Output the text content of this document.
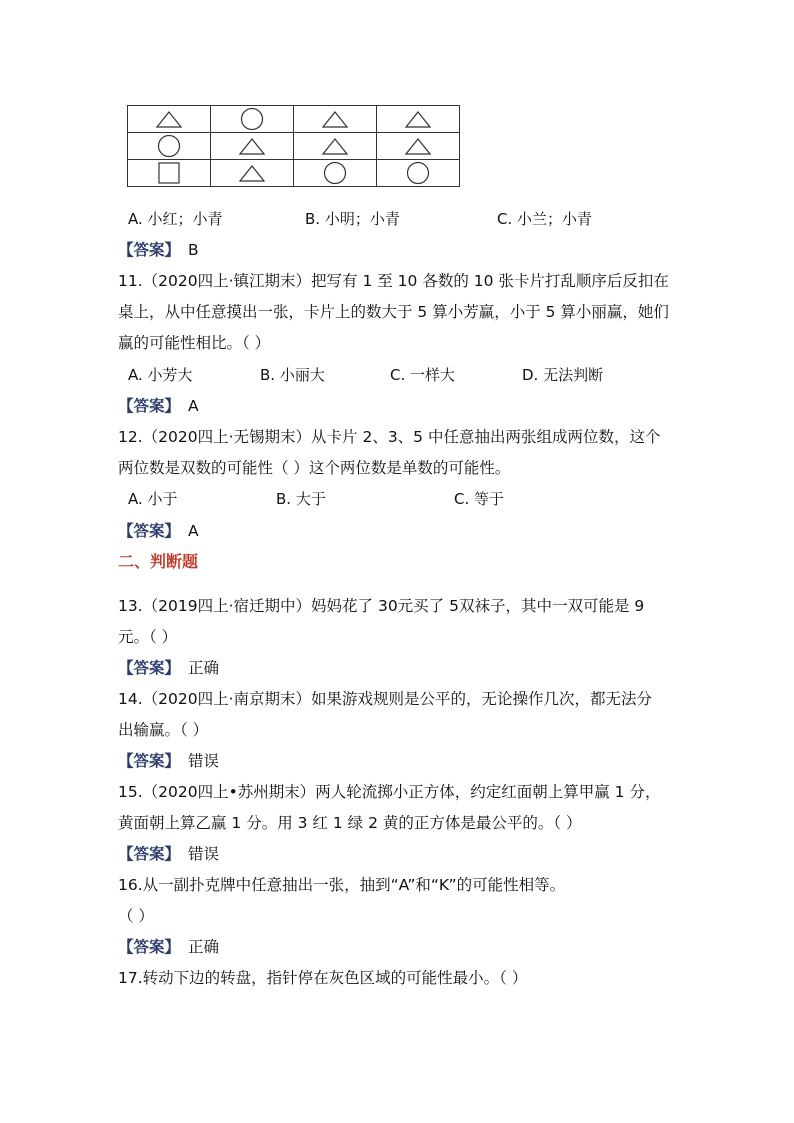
A. 小红；小青	B. 小明；小青	C. 小兰；小青
【答案】 B
11.（2020四上·镇江期末）把写有 1 至 10 各数的 10 张卡片打乱顺序后反扣在
桌上，从中任意摸出一张，卡片上的数大于 5 算小芳赢，小于 5 算小丽赢，她们
赢的可能性相比。（ ）
A. 小芳大	B. 小丽大	C. 一样大	D. 无法判断
【答案】 A
12.（2020四上·无锡期末）从卡片 2、3、5 中任意抽出两张组成两位数，这个
两位数是双数的可能性（ ）这个两位数是单数的可能性。
A. 小于	B. 大于	C. 等于
【答案】 A
二、判断题
13.（2019四上·宿迁期中）妈妈花了 30元买了 5双袜子，其中一双可能是 9
元。（ ）
【答案】 正确
14.（2020四上·南京期末）如果游戏规则是公平的，无论操作几次，都无法分
出输赢。（ ）
【答案】 错误
15.（2020四上•苏州期末）两人轮流掷小正方体，约定红面朝上算甲赢 1 分，
黄面朝上算乙赢 1 分。用 3 红 1 绿 2 黄的正方体是最公平的。（ ）
【答案】 错误
16.从一副扑克牌中任意抽出一张，抽到“A”和“K”的可能性相等。
（ ）
【答案】 正确
17.转动下边的转盘，指针停在灰色区域的可能性最小。（ ）
